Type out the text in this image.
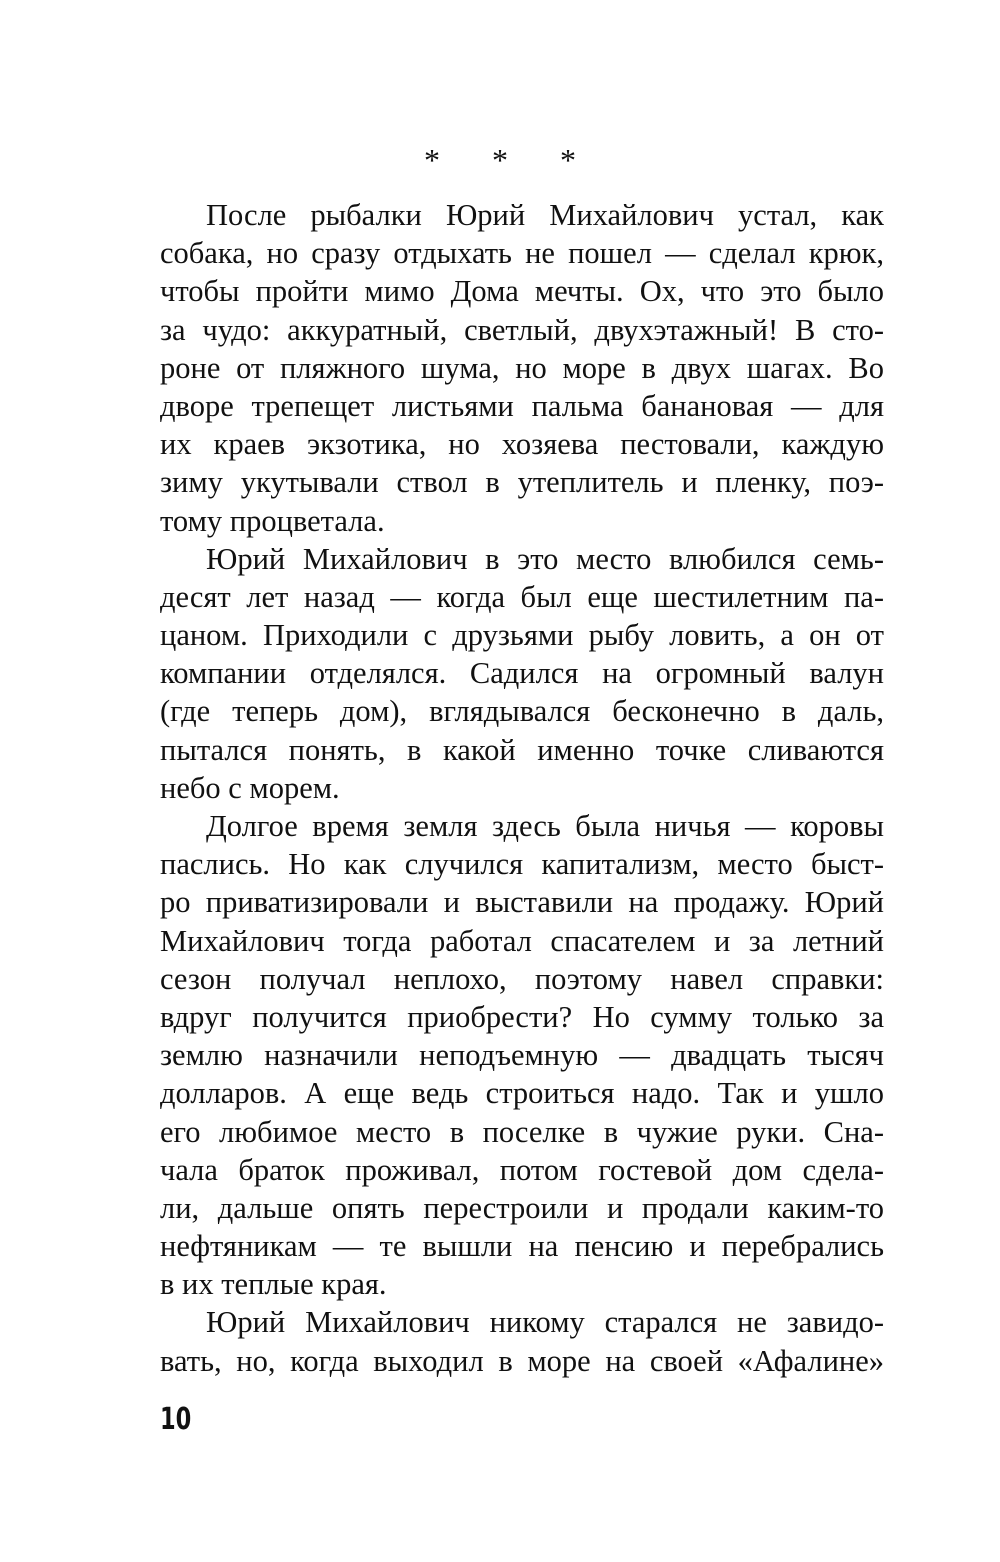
* * *
После рыбалки Юрий Михайлович устал, как
собака, но сразу отдыхать не пошел — сделал крюк,
чтобы пройти мимо Дома мечты. Ох, что это было
за чудо: аккуратный, светлый, двухэтажный! В сто-
роне от пляжного шума, но море в двух шагах. Во
дворе трепещет листьями пальма банановая — для
их краев экзотика, но хозяева пестовали, каждую
зиму укутывали ствол в утеплитель и пленку, поэ-
тому процветала.
Юрий Михайлович в это место влюбился семь-
десят лет назад — когда был еще шестилетним па-
цаном. Приходили с друзьями рыбу ловить, а он от
компании отделялся. Садился на огромный валун
(где теперь дом), вглядывался бесконечно в даль,
пытался понять, в какой именно точке сливаются
небо с морем.
Долгое время земля здесь была ничья — коровы
паслись. Но как случился капитализм, место быст-
ро приватизировали и выставили на продажу. Юрий
Михайлович тогда работал спасателем и за летний
сезон получал неплохо, поэтому навел справки:
вдруг получится приобрести? Но сумму только за
землю назначили неподъемную — двадцать тысяч
долларов. А еще ведь строиться надо. Так и ушло
его любимое место в поселке в чужие руки. Сна-
чала браток проживал, потом гостевой дом сдела-
ли, дальше опять перестроили и продали каким-то
нефтяникам — те вышли на пенсию и перебрались
в их теплые края.
Юрий Михайлович никому старался не завидо-
вать, но, когда выходил в море на своей «Афалине»
10
